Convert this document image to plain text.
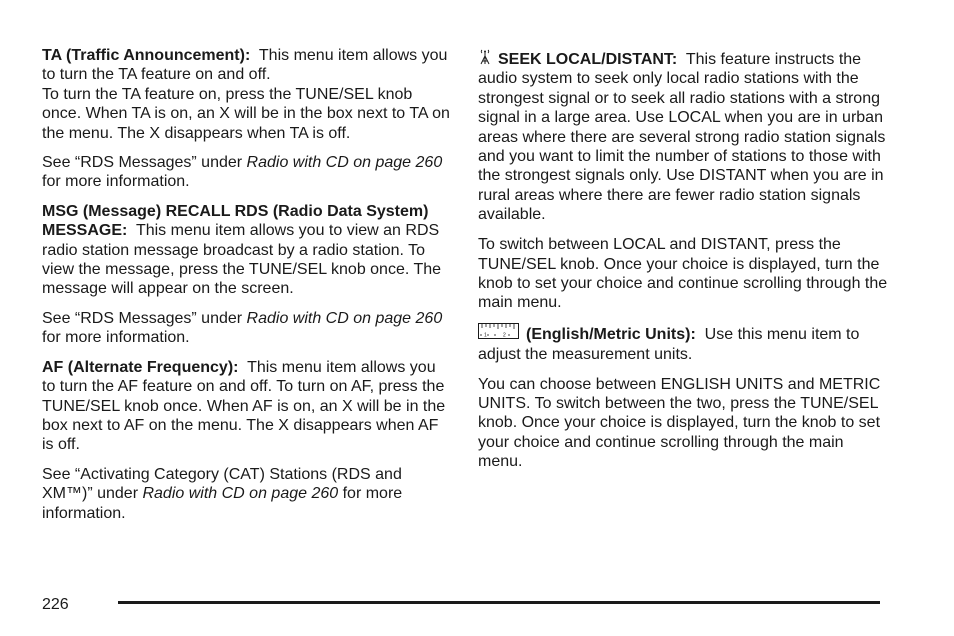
TA (Traffic Announcement): This menu item allows you to turn the TA feature on and off.

To turn the TA feature on, press the TUNE/SEL knob once. When TA is on, an X will be in the box next to TA on the menu. The X disappears when TA is off.

See “RDS Messages” under Radio with CD on page 260 for more information.

MSG (Message) RECALL RDS (Radio Data System) MESSAGE: This menu item allows you to view an RDS radio station message broadcast by a radio station. To view the message, press the TUNE/SEL knob once. The message will appear on the screen.

See “RDS Messages” under Radio with CD on page 260 for more information.

AF (Alternate Frequency): This menu item allows you to turn the AF feature on and off. To turn on AF, press the TUNE/SEL knob once. When AF is on, an X will be in the box next to AF on the menu. The X disappears when AF is off.

See “Activating Category (CAT) Stations (RDS and XM™)” under Radio with CD on page 260 for more information.

SEEK LOCAL/DISTANT: This feature instructs the audio system to seek only local radio stations with the strongest signal or to seek all radio stations with a strong signal in a large area. Use LOCAL when you are in urban areas where there are several strong radio station signals and you want to limit the number of stations to those with the strongest signals only. Use DISTANT when you are in rural areas where there are fewer radio station signals available.

To switch between LOCAL and DISTANT, press the TUNE/SEL knob. Once your choice is displayed, turn the knob to set your choice and continue scrolling through the main menu.

1	2 (English/Metric Units): Use this menu item to adjust the measurement units.

You can choose between ENGLISH UNITS and METRIC UNITS. To switch between the two, press the TUNE/SEL knob. Once your choice is displayed, turn the knob to set your choice and continue scrolling through the main menu.

226
